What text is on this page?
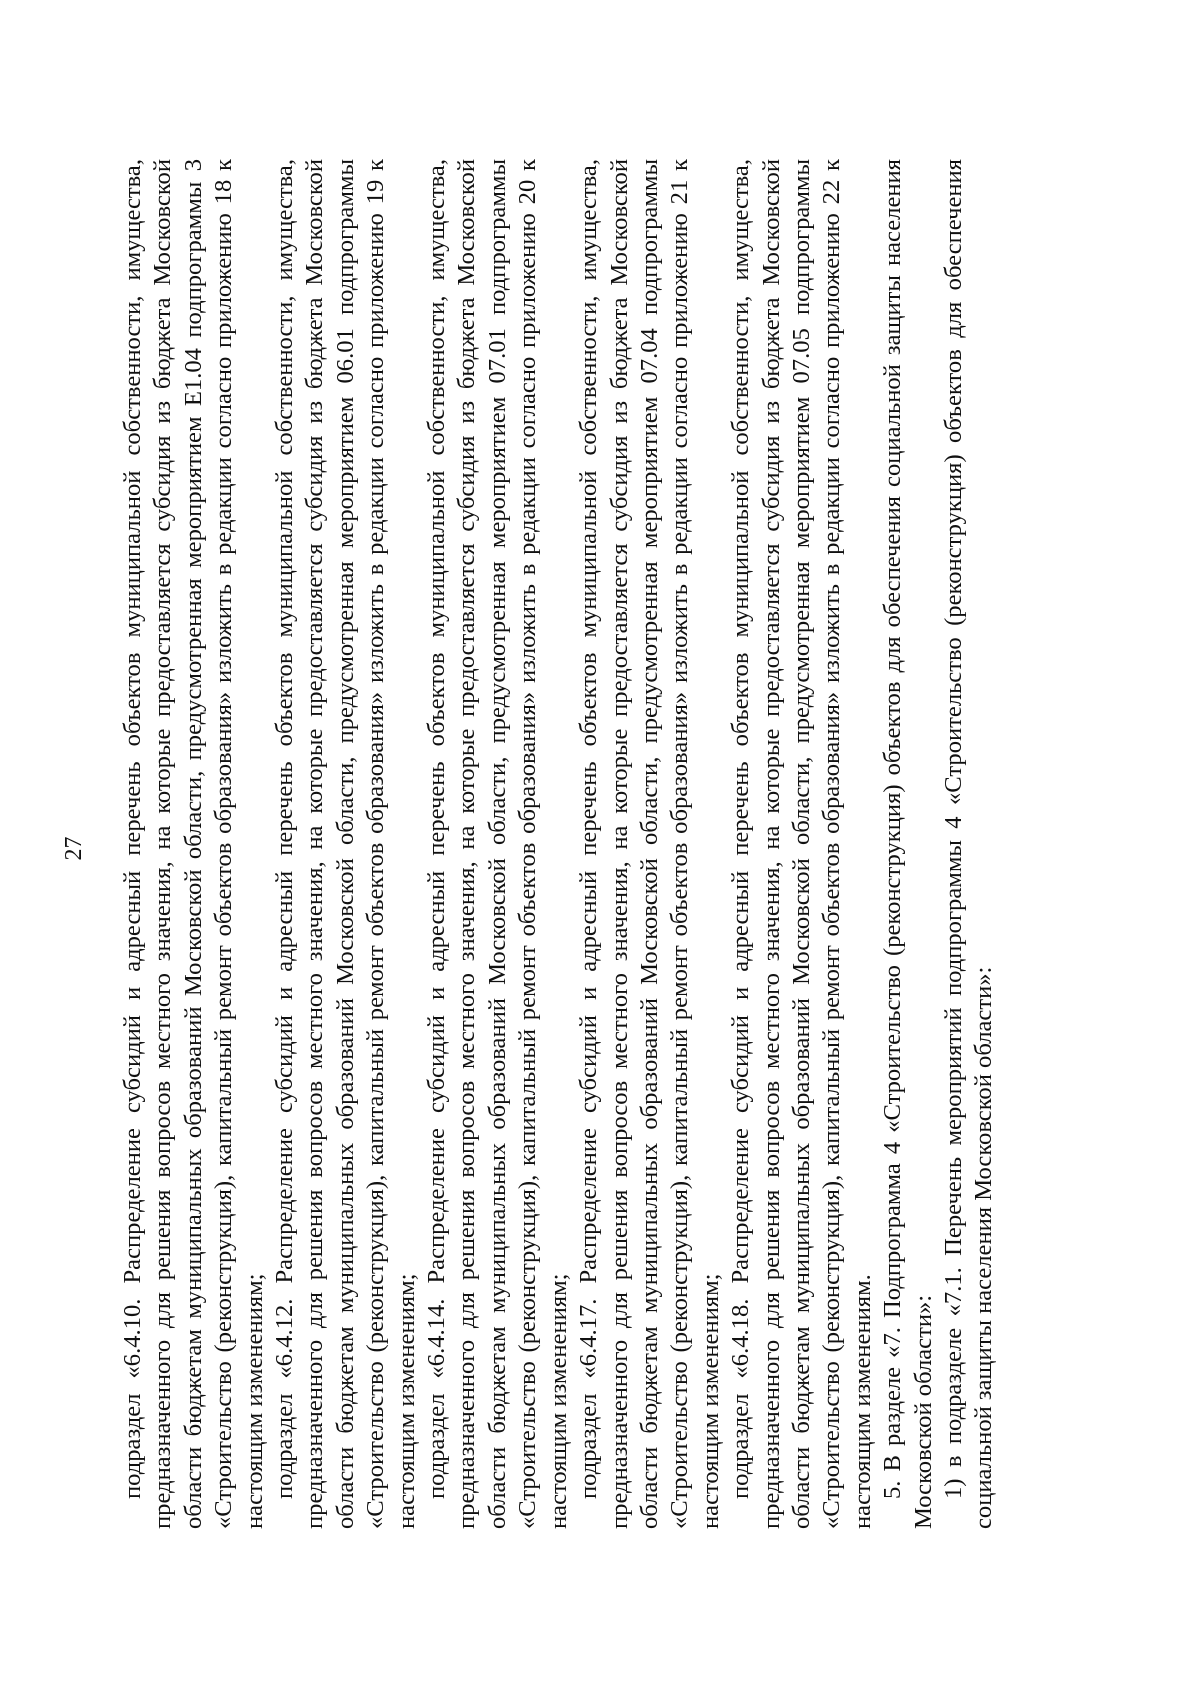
27 подраздел «6.4.10. Распределение субсидий и адресный перечень объектов муниципальной собственности, имущества, предназначенного для решения вопросов местного значения, на которые предоставляется субсидия из бюджета Московской области бюджетам муниципальных образований Московской области, предусмотренная мероприятием Е1.04 подпрограммы 3 «Строительство (реконструкция), капитальный ремонт объектов образования» изложить в редакции согласно приложению 18 к настоящим изменениям; подраздел «6.4.12. Распределение субсидий и адресный перечень объектов муниципальной собственности, имущества, предназначенного для решения вопросов местного значения, на которые предоставляется субсидия из бюджета Московской области бюджетам муниципальных образований Московской области, предусмотренная мероприятием 06.01 подпрограммы «Строительство (реконструкция), капитальный ремонт объектов образования» изложить в редакции согласно приложению 19 к настоящим изменениям; подраздел «6.4.14. Распределение субсидий и адресный перечень объектов муниципальной собственности, имущества, предназначенного для решения вопросов местного значения, на которые предоставляется субсидия из бюджета Московской области бюджетам муниципальных образований Московской области, предусмотренная мероприятием 07.01 подпрограммы «Строительство (реконструкция), капитальный ремонт объектов образования» изложить в редакции согласно приложению 20 к настоящим изменениям; подраздел «6.4.17. Распределение субсидий и адресный перечень объектов муниципальной собственности, имущества, предназначенного для решения вопросов местного значения, на которые предоставляется субсидия из бюджета Московской области бюджетам муниципальных образований Московской области, предусмотренная мероприятием 07.04 подпрограммы «Строительство (реконструкция), капитальный ремонт объектов образования» изложить в редакции согласно приложению 21 к настоящим изменениям; подраздел «6.4.18. Распределение субсидий и адресный перечень объектов муниципальной собственности, имущества, предназначенного для решения вопросов местного значения, на которые предоставляется субсидия из бюджета Московской области бюджетам муниципальных образований Московской области, предусмотренная мероприятием 07.05 подпрограммы «Строительство (реконструкция), капитальный ремонт объектов образования» изложить в редакции согласно приложению 22 к настоящим изменениям. 5. В разделе «7. Подпрограмма 4 «Строительство (реконструкция) объектов для обеспечения социальной защиты населения Московской области»: 1) в подразделе «7.1. Перечень мероприятий подпрограммы 4 «Строительство (реконструкция) объектов для обеспечения социальной защиты населения Московской области»:
